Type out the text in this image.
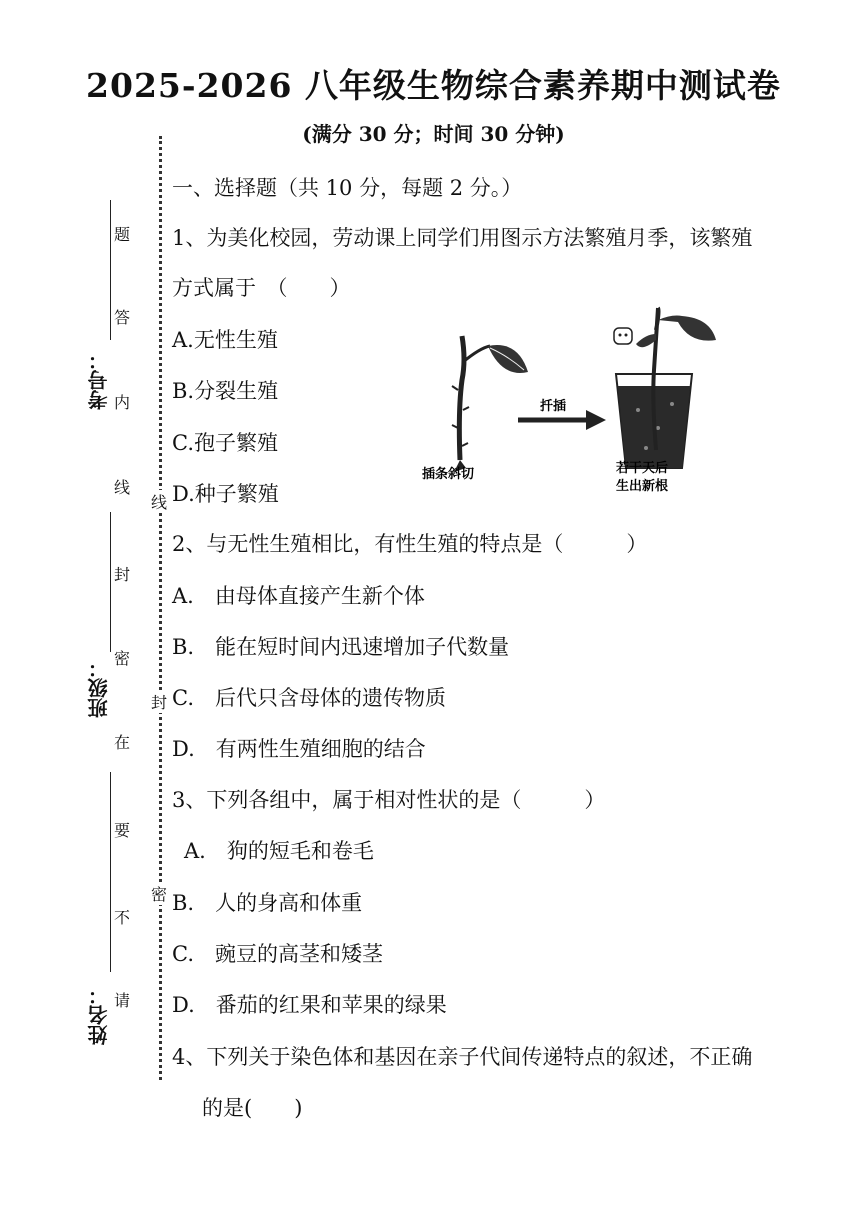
2025-2026 八年级生物综合素养期中测试卷
(满分 30 分；时间 30 分钟)
考号：
班级：
姓名：
题
答
内
线
封
密
在
要
不
请
线
封
密
一、选择题（共 10 分，每题 2 分。）
1、为美化校园，劳动课上同学们用图示方法繁殖月季，该繁殖
方式属于　（　　）
A.无性生殖
B.分裂生殖
C.孢子繁殖
D.种子繁殖
插条斜切
扦插
若干天后
生出新根
2、与无性生殖相比，有性生殖的特点是（　　　）
A.　由母体直接产生新个体
B.　能在短时间内迅速增加子代数量
C.　后代只含母体的遗传物质
D.　有两性生殖细胞的结合
3、下列各组中，属于相对性状的是（　　　）
A.　狗的短毛和卷毛
B.　人的身高和体重
C.　豌豆的高茎和矮茎
D.　番茄的红果和苹果的绿果
4、下列关于染色体和基因在亲子代间传递特点的叙述，不正确
的是(　　)
